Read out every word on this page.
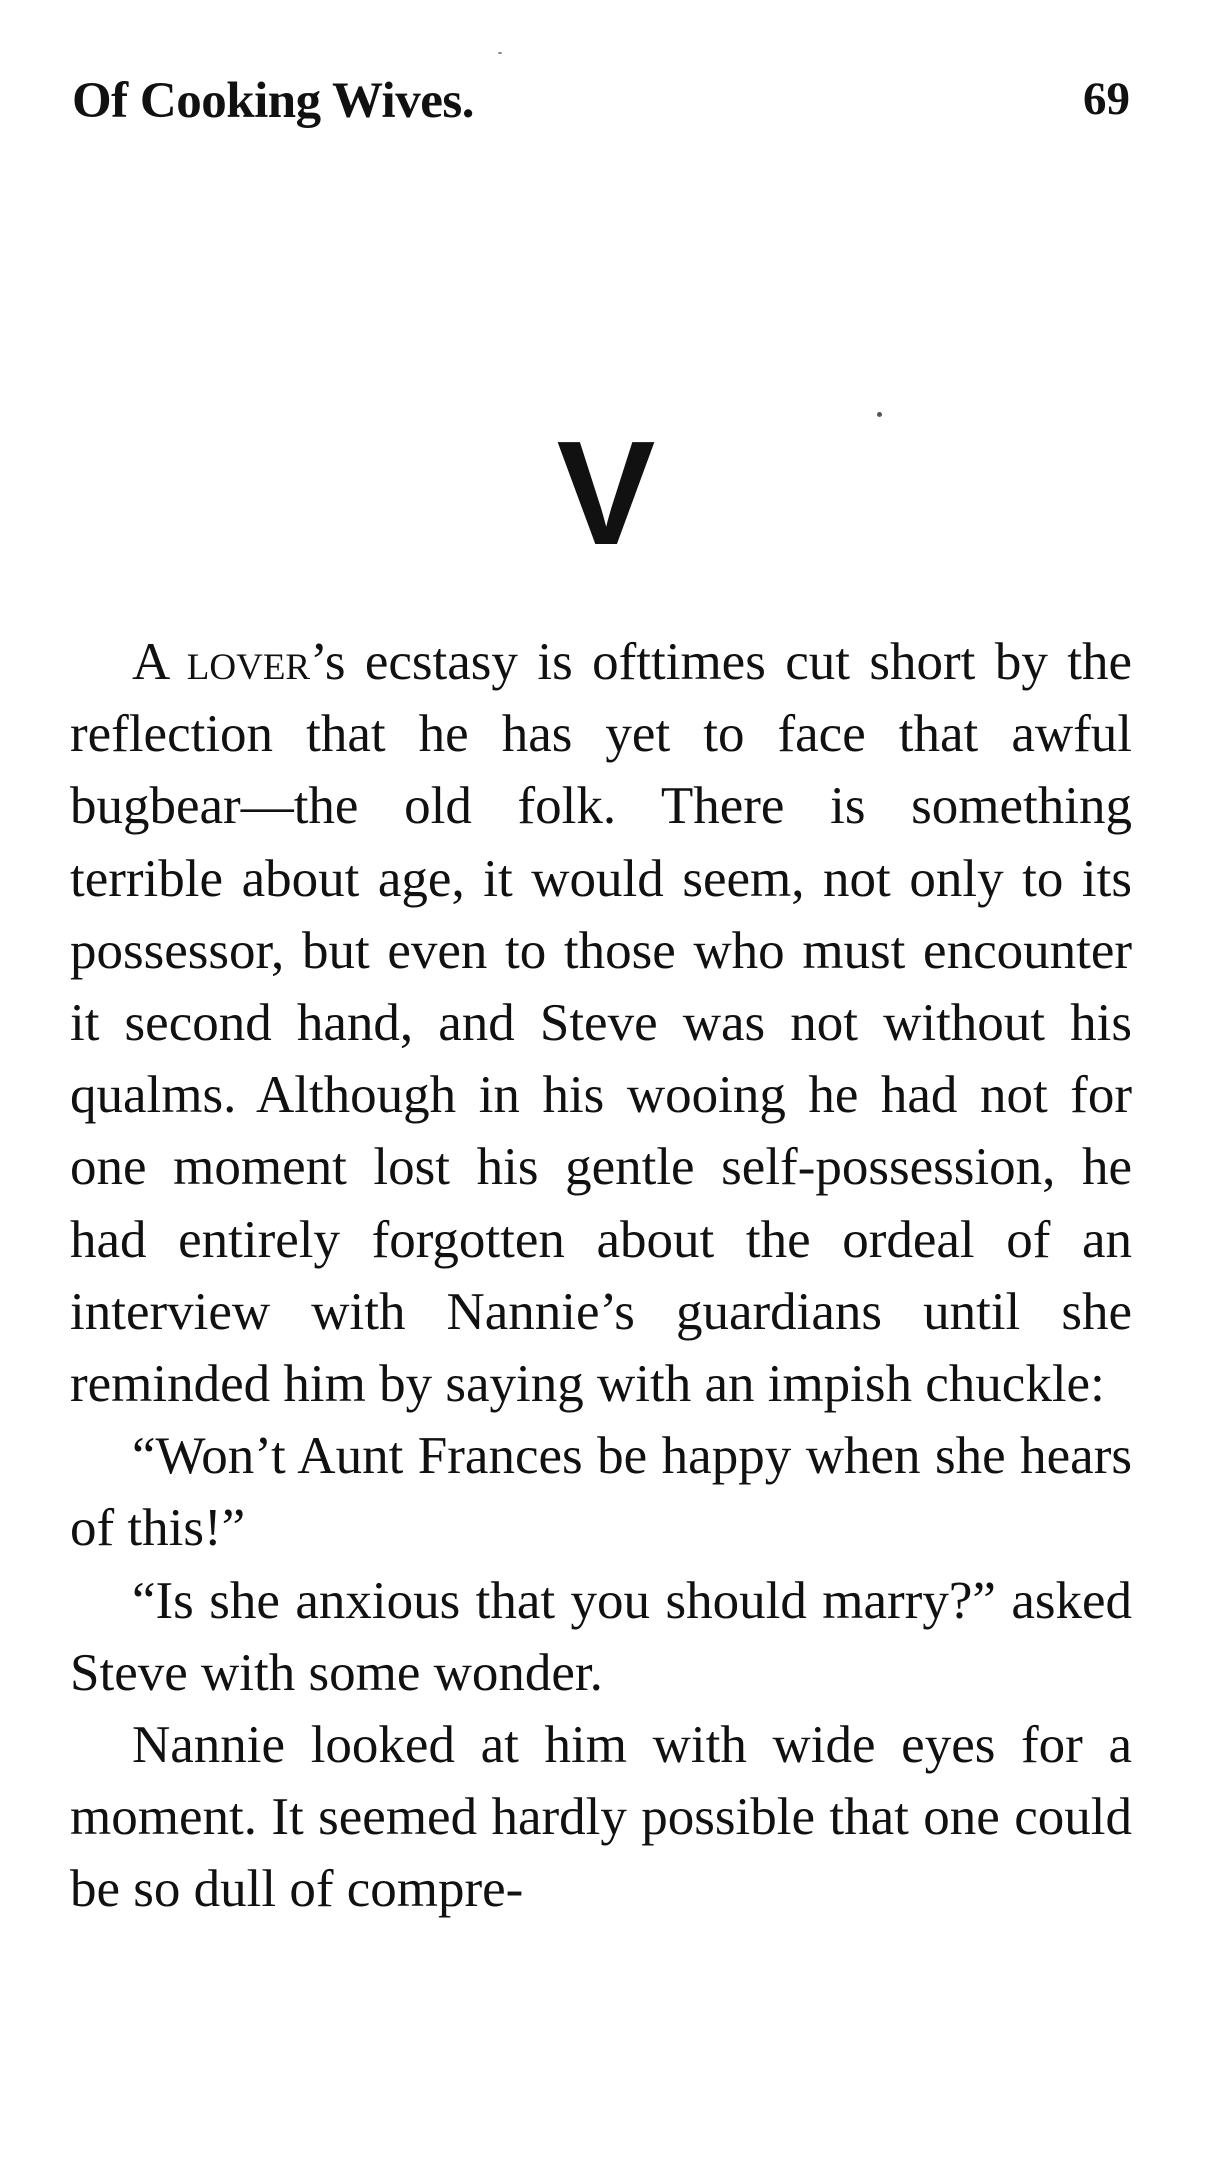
Of Cooking Wives.	69
V

A lover’s ecstasy is ofttimes cut short by the reflection that he has yet to face that awful bugbear—the old folk. There is something terrible about age, it would seem, not only to its possessor, but even to those who must encounter it second hand, and Steve was not without his qualms. Although in his wooing he had not for one moment lost his gentle self-possession, he had entirely forgotten about the ordeal of an interview with Nannie’s guardians until she reminded him by saying with an impish chuckle:

“Won’t Aunt Frances be happy when she hears of this!”

“Is she anxious that you should marry?” asked Steve with some wonder.

Nannie looked at him with wide eyes for a moment. It seemed hardly possible that one could be so dull of compre-
